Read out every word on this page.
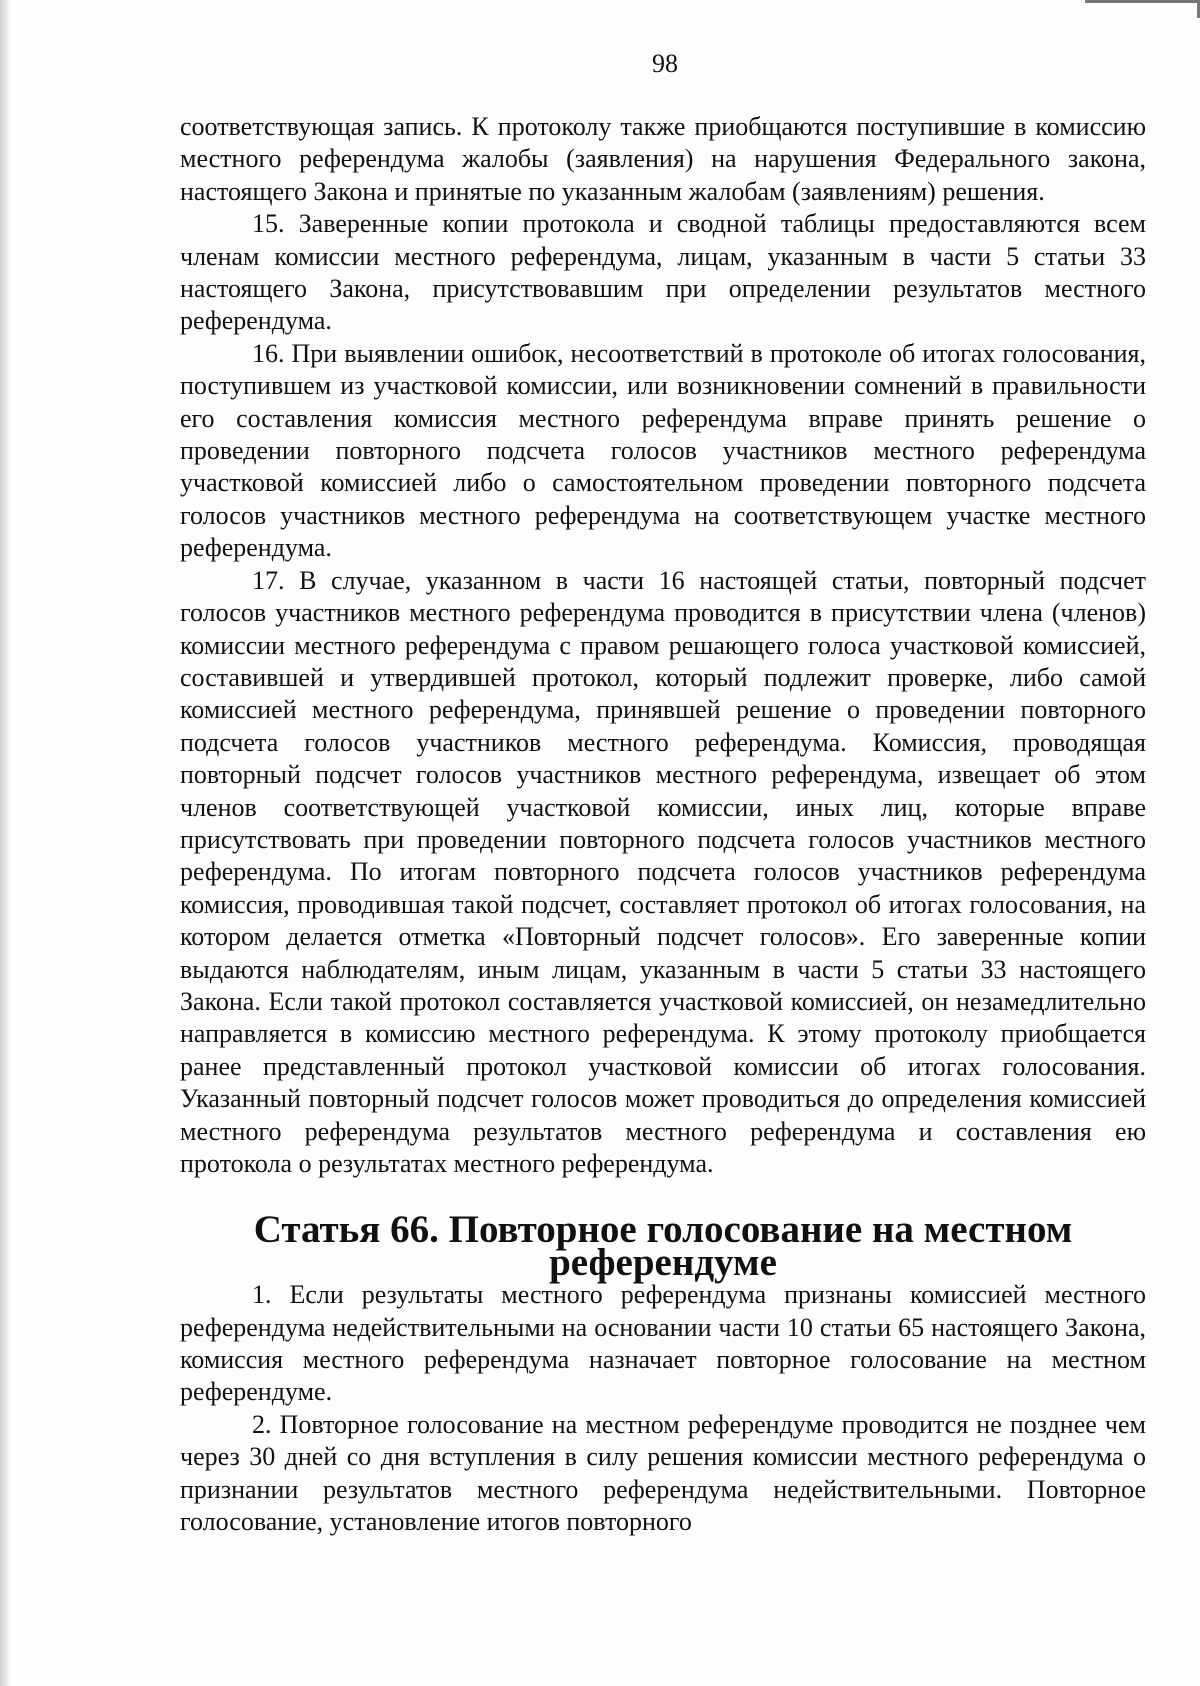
98

соответствующая запись. К протоколу также приобщаются поступившие в комиссию местного референдума жалобы (заявления) на нарушения Федерального закона, настоящего Закона и принятые по указанным жалобам (заявлениям) решения.

15. Заверенные копии протокола и сводной таблицы предоставляются всем членам комиссии местного референдума, лицам, указанным в части 5 статьи 33 настоящего Закона, присутствовавшим при определении результатов местного референдума.

16. При выявлении ошибок, несоответствий в протоколе об итогах голосования, поступившем из участковой комиссии, или возникновении сомнений в правильности его составления комиссия местного референдума вправе принять решение о проведении повторного подсчета голосов участников местного референдума участковой комиссией либо о самостоятельном проведении повторного подсчета голосов участников местного референдума на соответствующем участке местного референдума.

17. В случае, указанном в части 16 настоящей статьи, повторный подсчет голосов участников местного референдума проводится в присутствии члена (членов) комиссии местного референдума с правом решающего голоса участковой комиссией, составившей и утвердившей протокол, который подлежит проверке, либо самой комиссией местного референдума, принявшей решение о проведении повторного подсчета голосов участников местного референдума. Комиссия, проводящая повторный подсчет голосов участников местного референдума, извещает об этом членов соответствующей участковой комиссии, иных лиц, которые вправе присутствовать при проведении повторного подсчета голосов участников местного референдума. По итогам повторного подсчета голосов участников референдума комиссия, проводившая такой подсчет, составляет протокол об итогах голосования, на котором делается отметка «Повторный подсчет голосов». Его заверенные копии выдаются наблюдателям, иным лицам, указанным в части 5 статьи 33 настоящего Закона. Если такой протокол составляется участковой комиссией, он незамедлительно направляется в комиссию местного референдума. К этому протоколу приобщается ранее представленный протокол участковой комиссии об итогах голосования. Указанный повторный подсчет голосов может проводиться до определения комиссией местного референдума результатов местного референдума и составления ею протокола о результатах местного референдума.

Статья 66. Повторное голосование на местном референдуме

1. Если результаты местного референдума признаны комиссией местного референдума недействительными на основании части 10 статьи 65 настоящего Закона, комиссия местного референдума назначает повторное голосование на местном референдуме.

2. Повторное голосование на местном референдуме проводится не позднее чем через 30 дней со дня вступления в силу решения комиссии местного референдума о признании результатов местного референдума недействительными. Повторное голосование, установление итогов повторного
